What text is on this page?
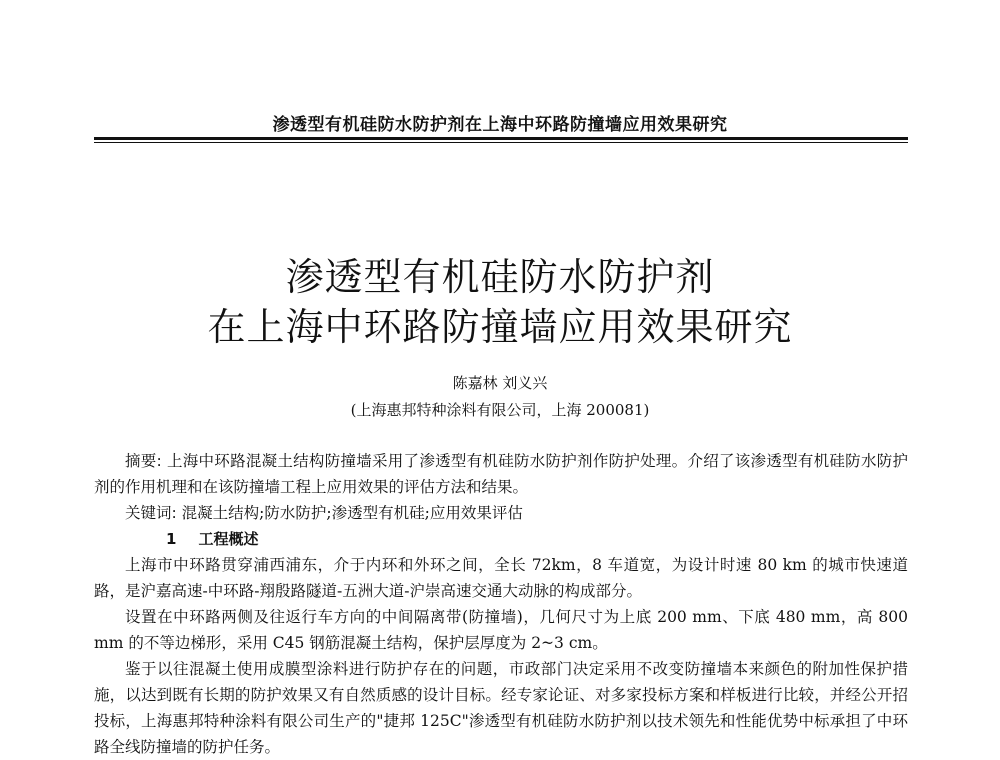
渗透型有机硅防水防护剂在上海中环路防撞墙应用效果研究
渗透型有机硅防水防护剂
在上海中环路防撞墙应用效果研究
陈嘉林 刘义兴
(上海惠邦特种涂料有限公司，上海 200081)

摘要: 上海中环路混凝土结构防撞墙采用了渗透型有机硅防水防护剂作防护处理。介绍了该渗透型有机硅防水防护剂的作用机理和在该防撞墙工程上应用效果的评估方法和结果。

关键词: 混凝土结构;防水防护;渗透型有机硅;应用效果评估

1 工程概述

上海市中环路贯穿浦西浦东，介于内环和外环之间，全长 72km，8 车道宽，为设计时速 80 km 的城市快速道路，是沪嘉高速-中环路-翔殷路隧道-五洲大道-沪崇高速交通大动脉的构成部分。

设置在中环路两侧及往返行车方向的中间隔离带(防撞墙)，几何尺寸为上底 200 mm、下底 480 mm，高 800 mm 的不等边梯形，采用 C45 钢筋混凝土结构，保护层厚度为 2~3 cm。

鉴于以往混凝土使用成膜型涂料进行防护存在的问题，市政部门决定采用不改变防撞墙本来颜色的附加性保护措施，以达到既有长期的防护效果又有自然质感的设计目标。经专家论证、对多家投标方案和样板进行比较，并经公开招投标，上海惠邦特种涂料有限公司生产的"捷邦 125C"渗透型有机硅防水防护剂以技术领先和性能优势中标承担了中环路全线防撞墙的防护任务。
